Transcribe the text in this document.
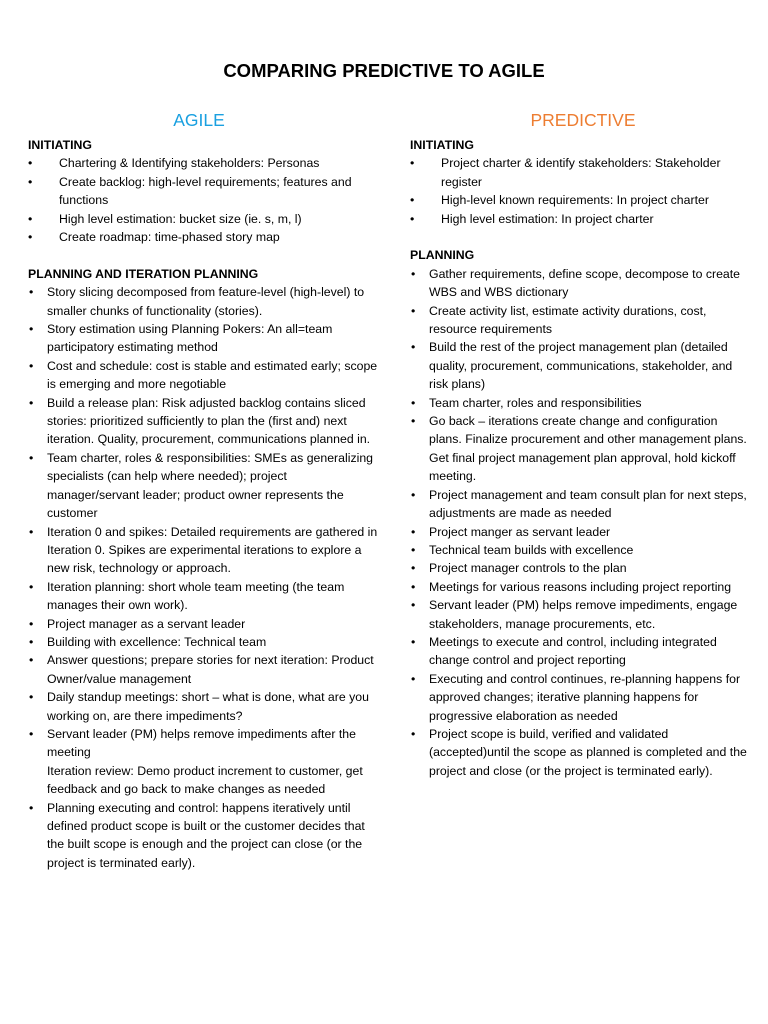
COMPARING PREDICTIVE TO AGILE
AGILE
INITIATING
• Chartering & Identifying stakeholders: Personas
• Create backlog: high-level requirements; features and functions
• High level estimation: bucket size (ie. s, m, l)
• Create roadmap: time-phased story map
PLANNING AND ITERATION PLANNING
• Story slicing decomposed from feature-level (high-level) to smaller chunks of functionality (stories).
• Story estimation using Planning Pokers: An all=team participatory estimating method
• Cost and schedule: cost is stable and estimated early; scope is emerging and more negotiable
• Build a release plan: Risk adjusted backlog contains sliced stories: prioritized sufficiently to plan the (first and) next iteration. Quality, procurement, communications planned in.
• Team charter, roles & responsibilities: SMEs as generalizing specialists (can help where needed); project manager/servant leader; product owner represents the customer
• Iteration 0 and spikes: Detailed requirements are gathered in Iteration 0. Spikes are experimental iterations to explore a new risk, technology or approach.
• Iteration planning: short whole team meeting (the team manages their own work).
• Project manager as a servant leader
• Building with excellence: Technical team
• Answer questions; prepare stories for next iteration: Product Owner/value management
• Daily standup meetings: short – what is done, what are you working on, are there impediments?
• Servant leader (PM) helps remove impediments after the meeting
Iteration review: Demo product increment to customer, get feedback and go back to make changes as needed
• Planning executing and control: happens iteratively until defined product scope is built or the customer decides that the built scope is enough and the project can close (or the project is terminated early).
PREDICTIVE
INITIATING
• Project charter & identify stakeholders: Stakeholder register
• High-level known requirements: In project charter
• High level estimation: In project charter
PLANNING
• Gather requirements, define scope, decompose to create WBS and WBS dictionary
• Create activity list, estimate activity durations, cost, resource requirements
• Build the rest of the project management plan (detailed quality, procurement, communications, stakeholder, and risk plans)
• Team charter, roles and responsibilities
• Go back – iterations create change and configuration plans. Finalize procurement and other management plans. Get final project management plan approval, hold kickoff meeting.
• Project management and team consult plan for next steps, adjustments are made as needed
• Project manger as servant leader
• Technical team builds with excellence
• Project manager controls to the plan
• Meetings for various reasons including project reporting
• Servant leader (PM) helps remove impediments, engage stakeholders, manage procurements, etc.
• Meetings to execute and control, including integrated change control and project reporting
• Executing and control continues, re-planning happens for approved changes; iterative planning happens for progressive elaboration as needed
• Project scope is build, verified and validated (accepted)until the scope as planned is completed and the project and close (or the project is terminated early).
